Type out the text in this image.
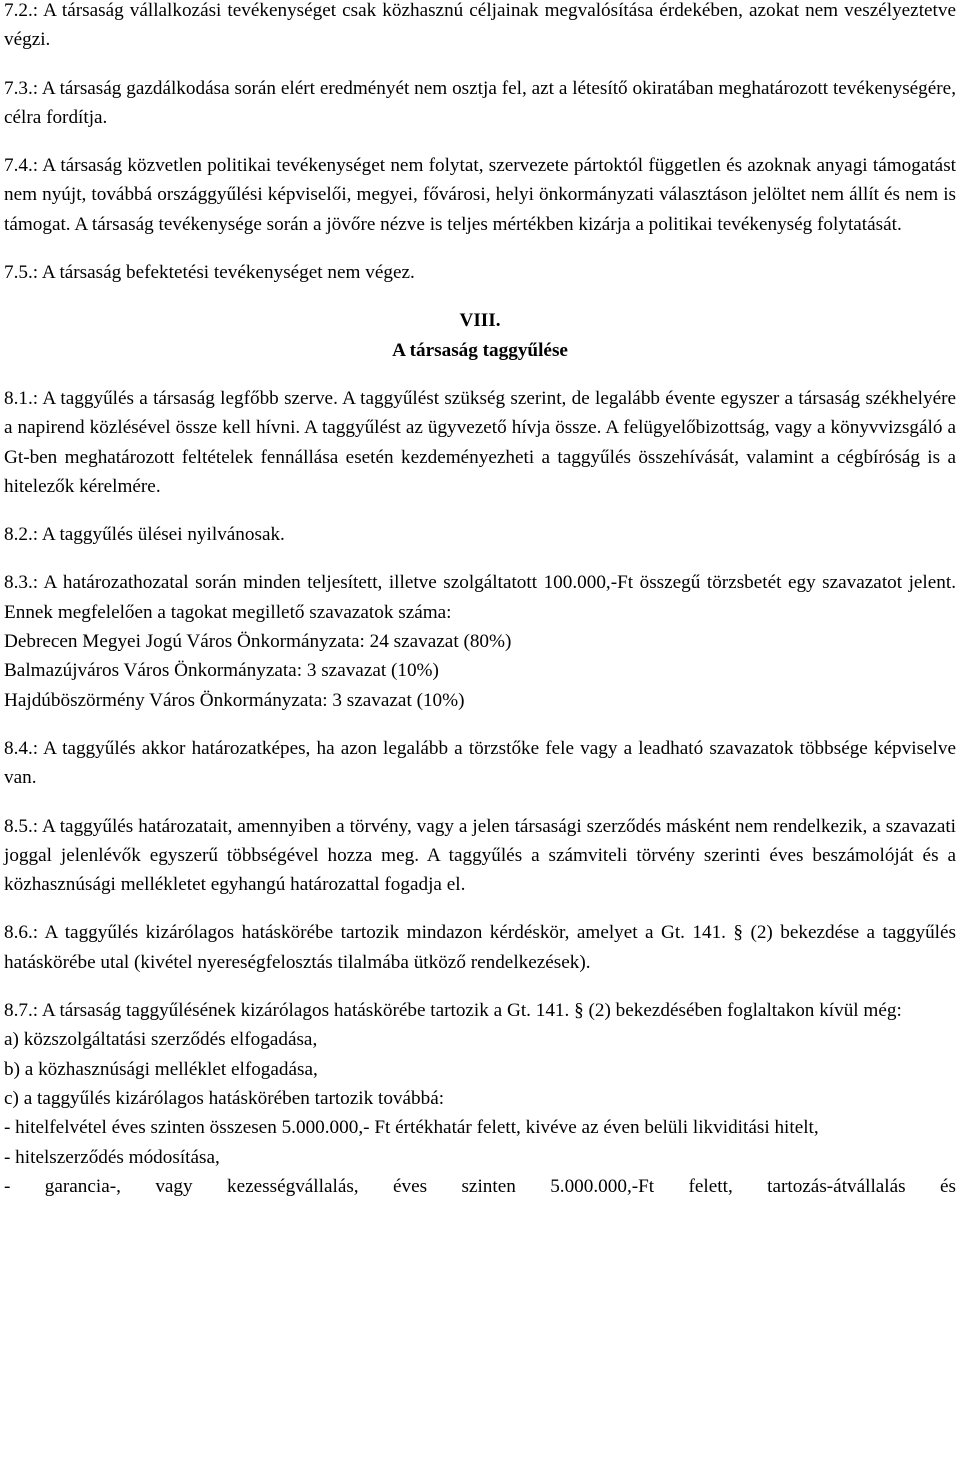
7.2.: A társaság vállalkozási tevékenységet csak közhasznú céljainak megvalósítása érdekében, azokat nem veszélyeztetve végzi.

7.3.: A társaság gazdálkodása során elért eredményét nem osztja fel, azt a létesítő okiratában meghatározott tevékenységére, célra fordítja.

7.4.: A társaság közvetlen politikai tevékenységet nem folytat, szervezete pártoktól független és azoknak anyagi támogatást nem nyújt, továbbá országgyűlési képviselői, megyei, fővárosi, helyi önkormányzati választáson jelöltet nem állít és nem is támogat. A társaság tevékenysége során a jövőre nézve is teljes mértékben kizárja a politikai tevékenység folytatását.

7.5.: A társaság befektetési tevékenységet nem végez.

VIII.

A társaság taggyűlése

8.1.: A taggyűlés a társaság legfőbb szerve. A taggyűlést szükség szerint, de legalább évente egyszer a társaság székhelyére a napirend közlésével össze kell hívni. A taggyűlést az ügyvezető hívja össze. A felügyelőbizottság, vagy a könyvvizsgáló a Gt-ben meghatározott feltételek fennállása esetén kezdeményezheti a taggyűlés összehívását, valamint a cégbíróság is a hitelezők kérelmére.

8.2.: A taggyűlés ülései nyilvánosak.

8.3.: A határozathozatal során minden teljesített, illetve szolgáltatott 100.000,-Ft összegű törzsbetét egy szavazatot jelent. Ennek megfelelően a tagokat megillető szavazatok száma:

Debrecen Megyei Jogú Város Önkormányzata: 24 szavazat (80%)

Balmazújváros Város Önkormányzata: 3 szavazat (10%)

Hajdúböszörmény Város Önkormányzata: 3 szavazat (10%)

8.4.: A taggyűlés akkor határozatképes, ha azon legalább a törzstőke fele vagy a leadható szavazatok többsége képviselve van.

8.5.: A taggyűlés határozatait, amennyiben a törvény, vagy a jelen társasági szerződés másként nem rendelkezik, a szavazati joggal jelenlévők egyszerű többségével hozza meg. A taggyűlés a számviteli törvény szerinti éves beszámolóját és a közhasznúsági mellékletet egyhangú határozattal fogadja el.

8.6.: A taggyűlés kizárólagos hatáskörébe tartozik mindazon kérdéskör, amelyet a Gt. 141. § (2) bekezdése a taggyűlés hatáskörébe utal (kivétel nyereségfelosztás tilalmába ütköző rendelkezések).

8.7.: A társaság taggyűlésének kizárólagos hatáskörébe tartozik a Gt. 141. § (2) bekezdésében foglaltakon kívül még:

a) közszolgáltatási szerződés elfogadása,

b) a közhasznúsági melléklet elfogadása,

c) a taggyűlés kizárólagos hatáskörében tartozik továbbá:

- hitelfelvétel éves szinten összesen 5.000.000,- Ft értékhatár felett, kivéve az éven belüli likviditási hitelt,

- hitelszerződés módosítása,

- garancia-, vagy kezességvállalás, éves szinten 5.000.000,-Ft felett, tartozás-átvállalás és
